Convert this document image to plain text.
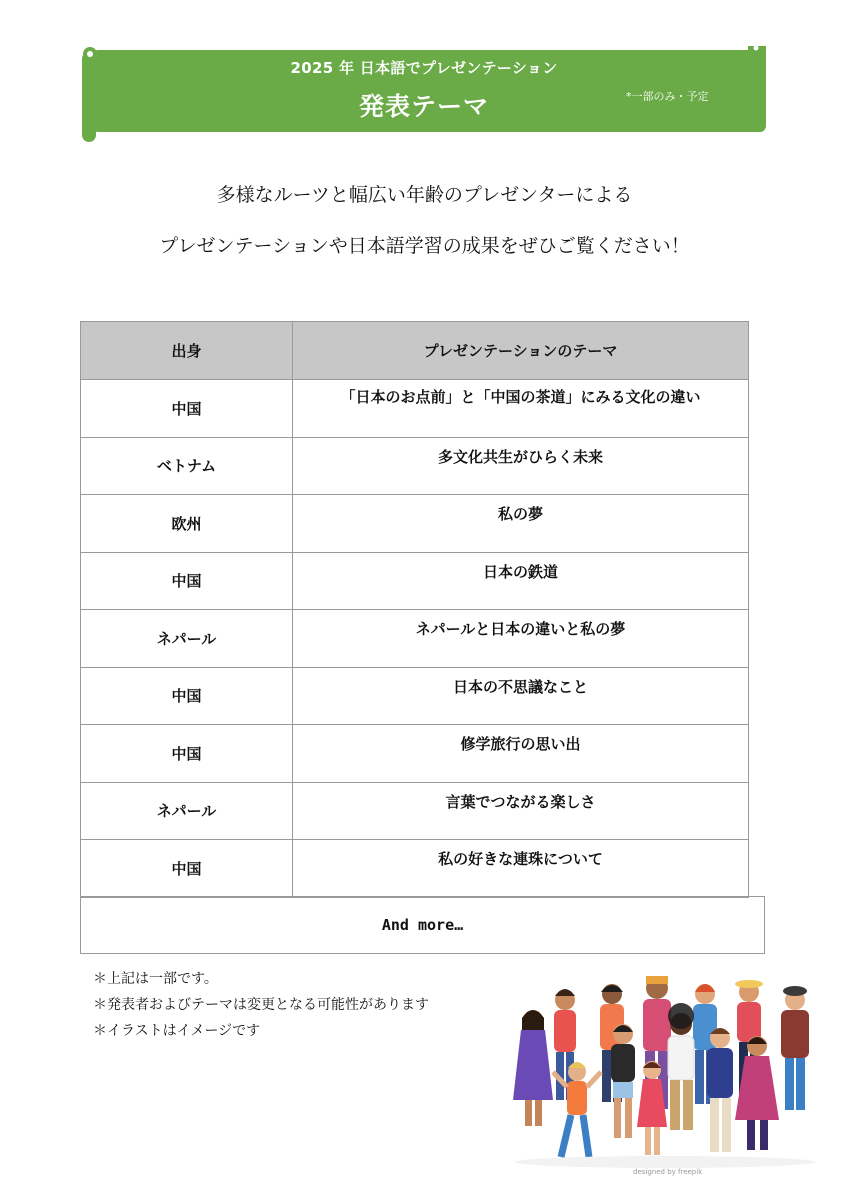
2025 年 日本語でプレゼンテーション
発表テーマ	*一部のみ・予定
多様なルーツと幅広い年齢のプレゼンターによる
プレゼンテーションや日本語学習の成果をぜひご覧ください！
出身	プレゼンテーションのテーマ
中国	「日本のお点前」と「中国の茶道」にみる文化の違い
ベトナム	多文化共生がひらく未来
欧州	私の夢
中国	日本の鉄道
ネパール	ネパールと日本の違いと私の夢
中国	日本の不思議なこと
中国	修学旅行の思い出
ネパール	言葉でつながる楽しさ
中国	私の好きな連珠について
And more…
＊上記は一部です。
＊発表者およびテーマは変更となる可能性があります
＊イラストはイメージです
designed by freepik
